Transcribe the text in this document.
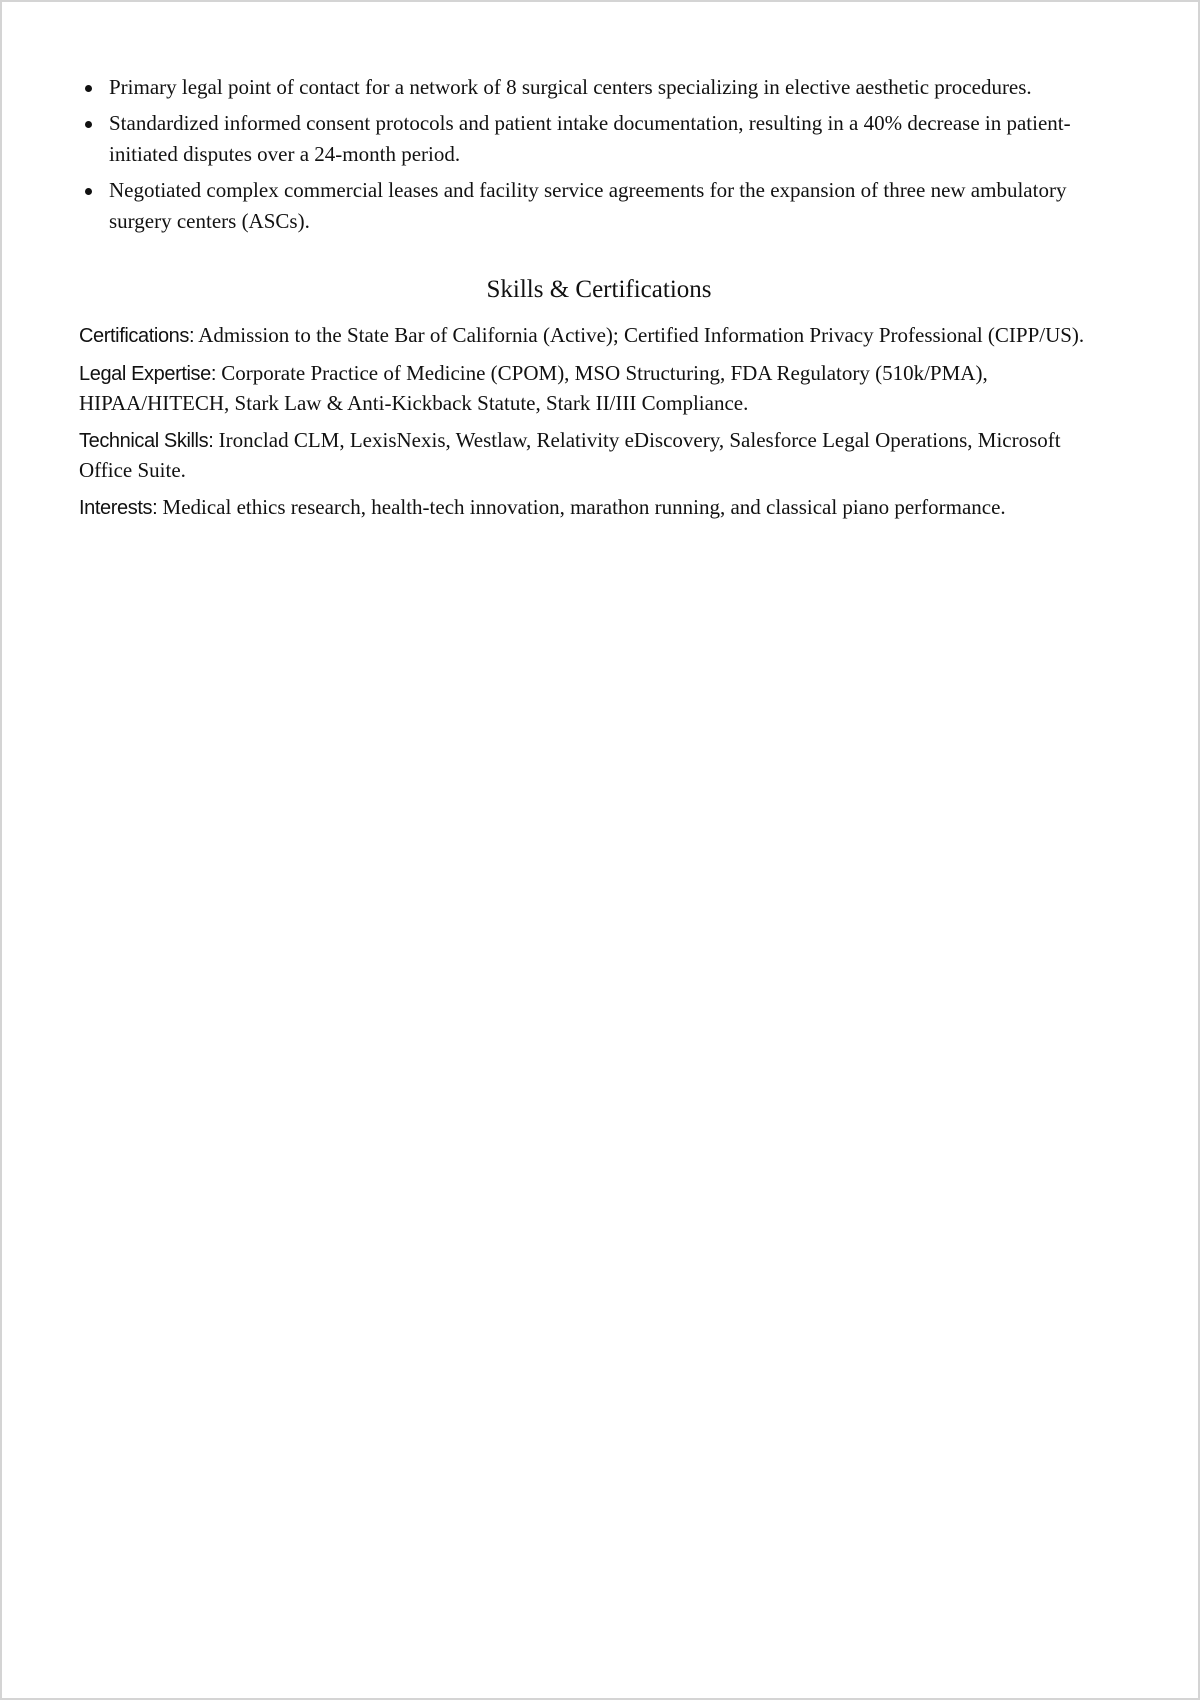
Primary legal point of contact for a network of 8 surgical centers specializing in elective aesthetic procedures.
Standardized informed consent protocols and patient intake documentation, resulting in a 40% decrease in patient-initiated disputes over a 24-month period.
Negotiated complex commercial leases and facility service agreements for the expansion of three new ambulatory surgery centers (ASCs).
Skills & Certifications

Certifications: Admission to the State Bar of California (Active); Certified Information Privacy Professional (CIPP/US).

Legal Expertise: Corporate Practice of Medicine (CPOM), MSO Structuring, FDA Regulatory (510k/PMA), HIPAA/HITECH, Stark Law & Anti-Kickback Statute, Stark II/III Compliance.

Technical Skills: Ironclad CLM, LexisNexis, Westlaw, Relativity eDiscovery, Salesforce Legal Operations, Microsoft Office Suite.

Interests: Medical ethics research, health-tech innovation, marathon running, and classical piano performance.
